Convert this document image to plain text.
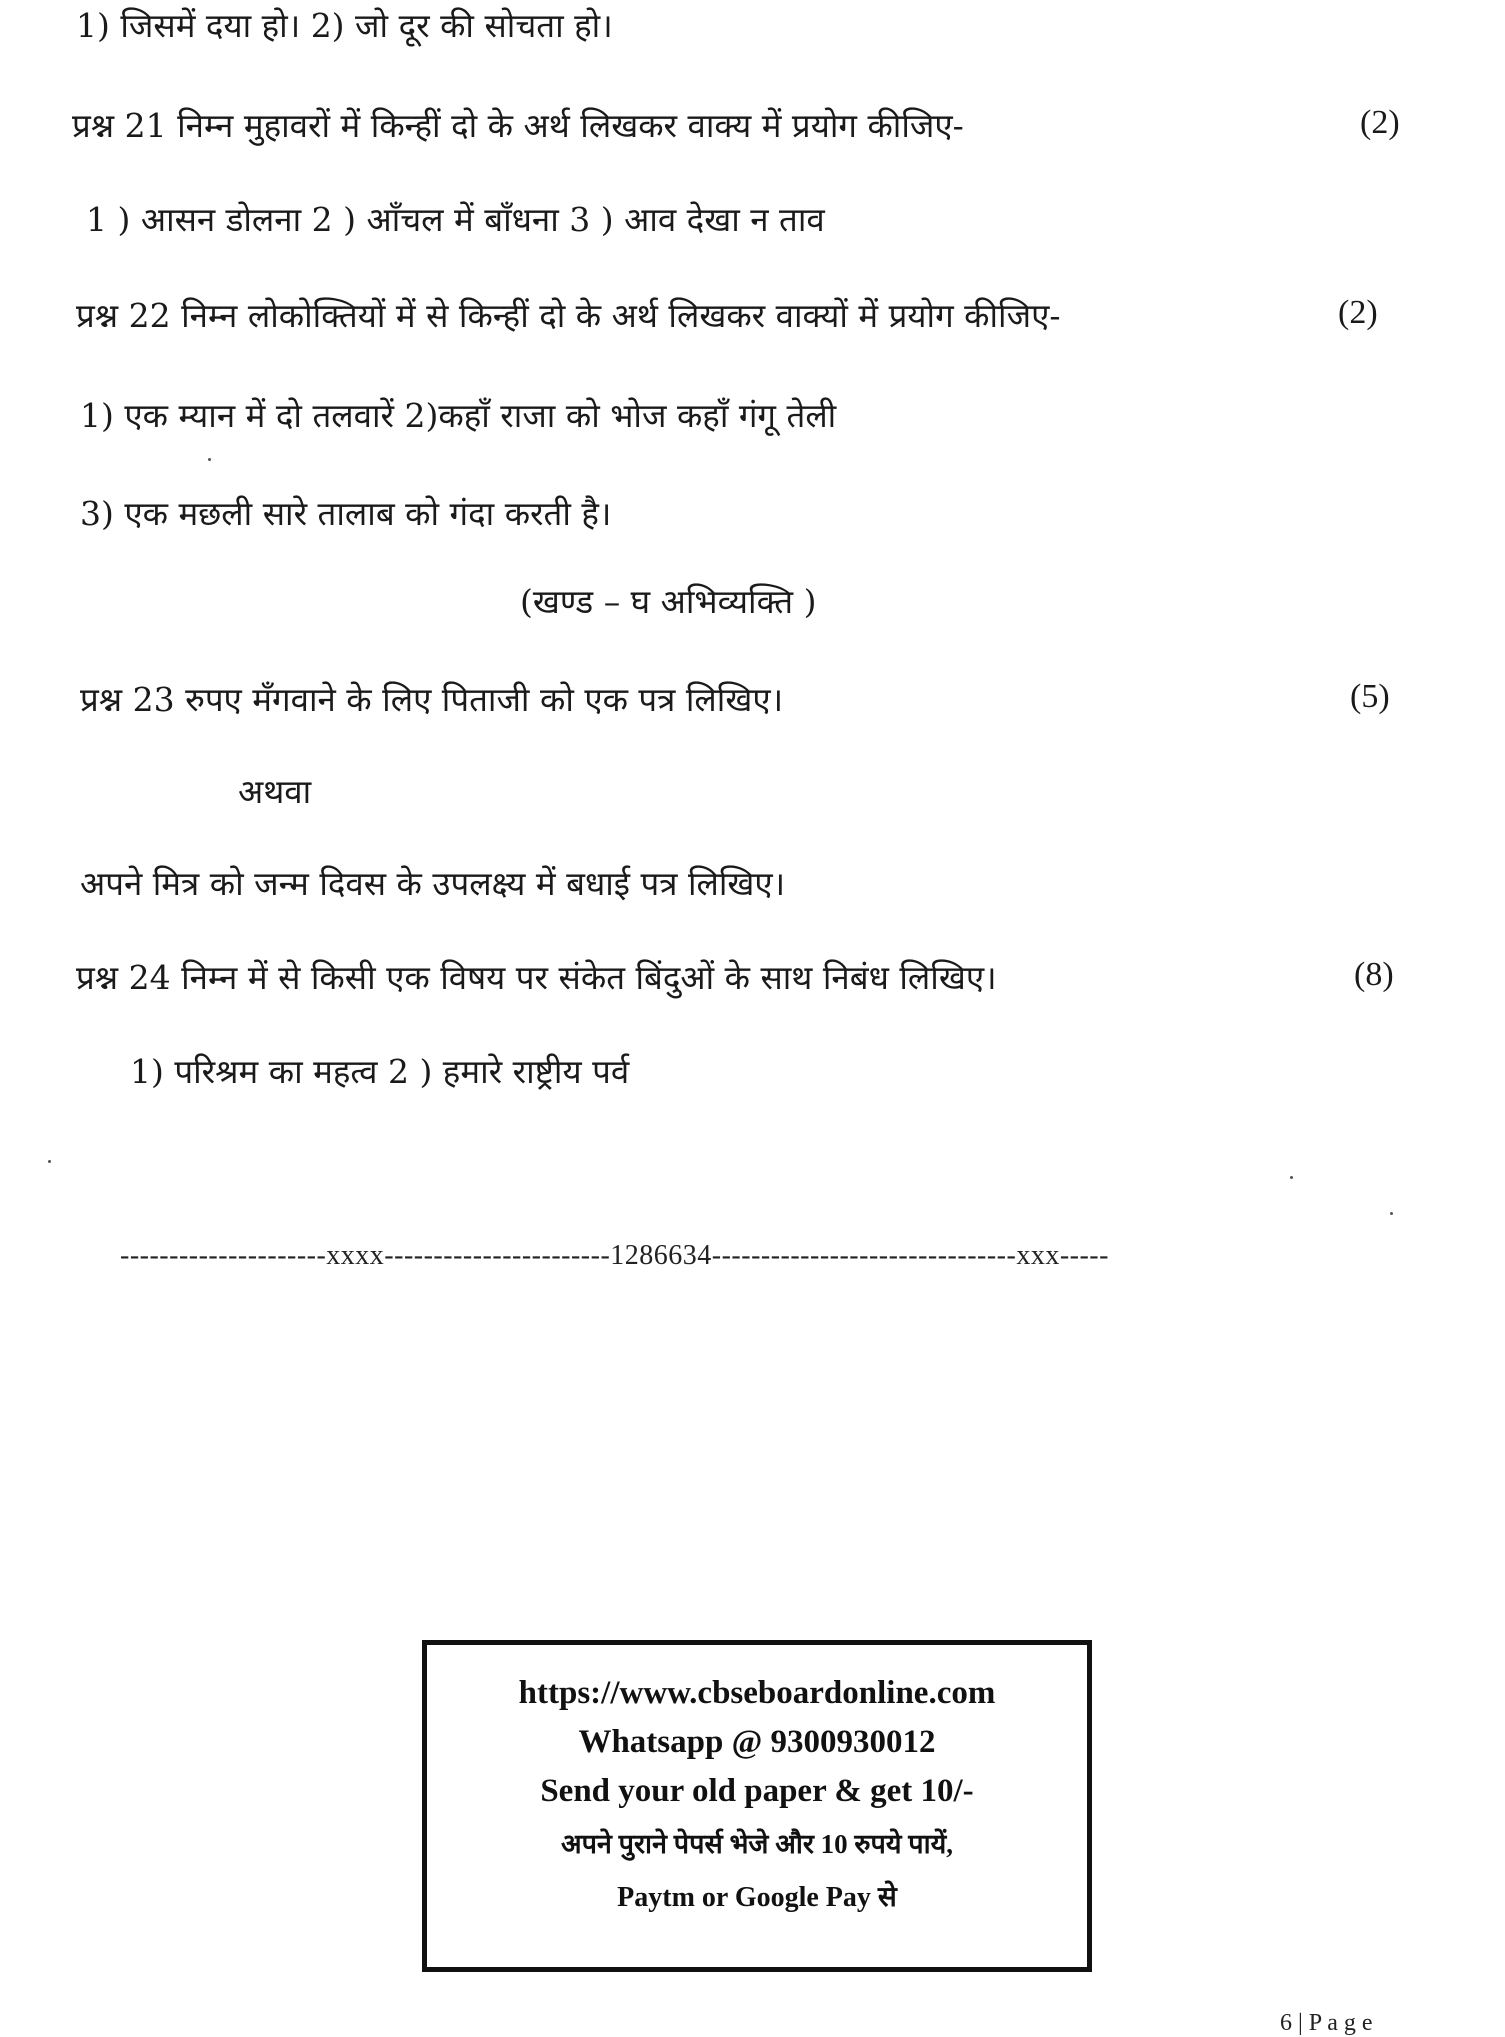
1) जिसमें दया हो। 2) जो दूर की सोचता हो।
प्रश्न 21 निम्न मुहावरों में किन्हीं दो के अर्थ लिखकर वाक्य में प्रयोग कीजिए-	(2)
1 ) आसन डोलना 2 ) आँचल में बाँधना 3 ) आव देखा न ताव
प्रश्न 22 निम्न लोकोक्तियों में से किन्हीं दो के अर्थ लिखकर वाक्यों में प्रयोग कीजिए-	(2)
1) एक म्यान में दो तलवारें 2)कहाँ राजा को भोज कहाँ गंगू तेली
3) एक मछली सारे तालाब को गंदा करती है।
(खण्ड – घ अभिव्यक्ति )
प्रश्न 23 रुपए मँगवाने के लिए पिताजी को एक पत्र लिखिए।	(5)
अथवा
अपने मित्र को जन्म दिवस के उपलक्ष्य में बधाई पत्र लिखिए।
प्रश्न 24 निम्न में से किसी एक विषय पर संकेत बिंदुओं के साथ निबंध लिखिए।	(8)
1) परिश्रम का महत्व 2 ) हमारे राष्ट्रीय पर्व
---------------------xxxx-----------------------1286634-------------------------------xxx-----
https://www.cbseboardonline.com
Whatsapp @ 9300930012
Send your old paper & get 10/-
अपने पुराने पेपर्स भेजे और 10 रुपये पायें,
Paytm or Google Pay से
6 | P a g e
